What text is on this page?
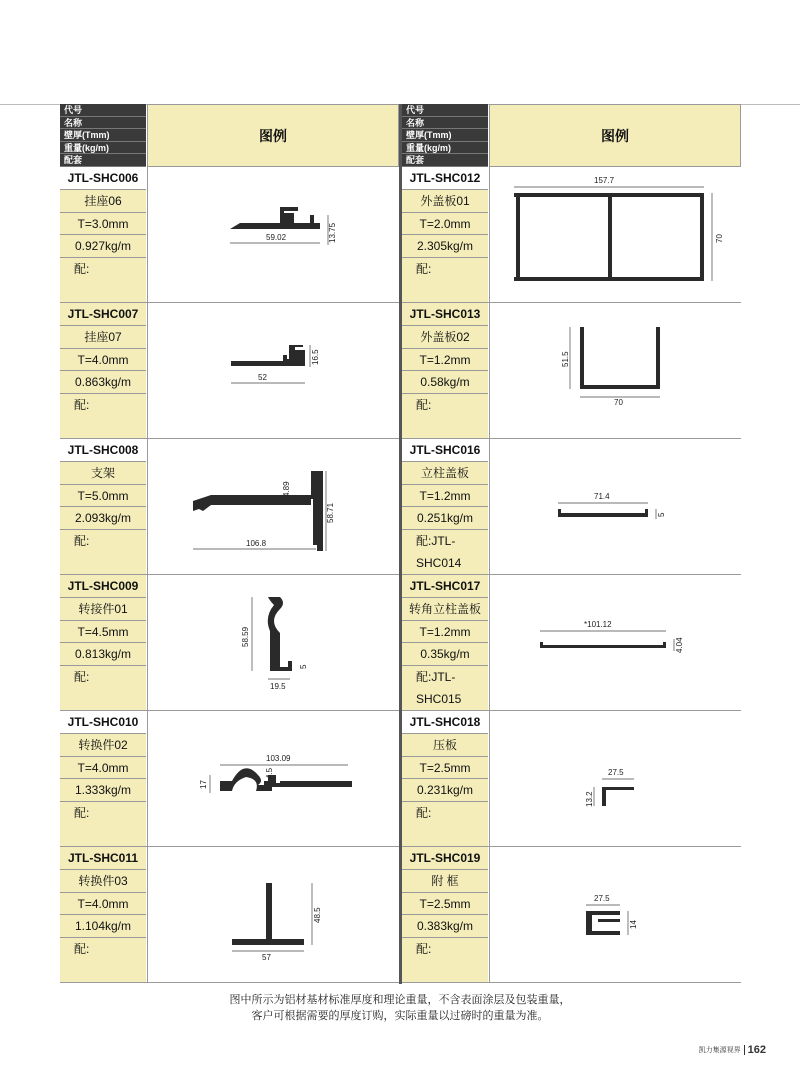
代号
名称
壁厚(Tmm)
重量(kg/m)
配套
图例
JTL-SHC006
挂座06
T=3.0mm
0.927kg/m
配:
59.02	13.75
JTL-SHC007
挂座07
T=4.0mm
0.863kg/m
配:
52
16.5
JTL-SHC008
支架
T=5.0mm
2.093kg/m
配:	106.8
4.89
58.71
JTL-SHC009
转接件01
T=4.5mm
0.813kg/m
配:
58.59
19.5
5
JTL-SHC010
转换件02
T=4.0mm
1.333kg/m
配:
103.09
17
4.5
JTL-SHC011
转换件03
T=4.0mm
1.104kg/m
配:
57
48.5
代号
名称
壁厚(Tmm)
重量(kg/m)
配套
图例
JTL-SHC012
外盖板01
T=2.0mm
2.305kg/m
配:
157.7
70
JTL-SHC013
外盖板02
T=1.2mm
0.58kg/m
配:
51.5
70
JTL-SHC016
立柱盖板
T=1.2mm
0.251kg/m
配:JTL-SHC014
71.4
5
JTL-SHC017
转角立柱盖板
T=1.2mm
0.35kg/m
配:JTL-SHC015
*101.12
4.04
JTL-SHC018
压板
T=2.5mm
0.231kg/m
配:
27.5
13.2
JTL-SHC019
附 框
T=2.5mm
0.383kg/m
配:
27.5
14
图中所示为铝材基材标准厚度和理论重量，不含表面涂层及包装重量，
客户可根据需要的厚度订购，实际重量以过磅时的重量为准。
凯力集源视界 162
